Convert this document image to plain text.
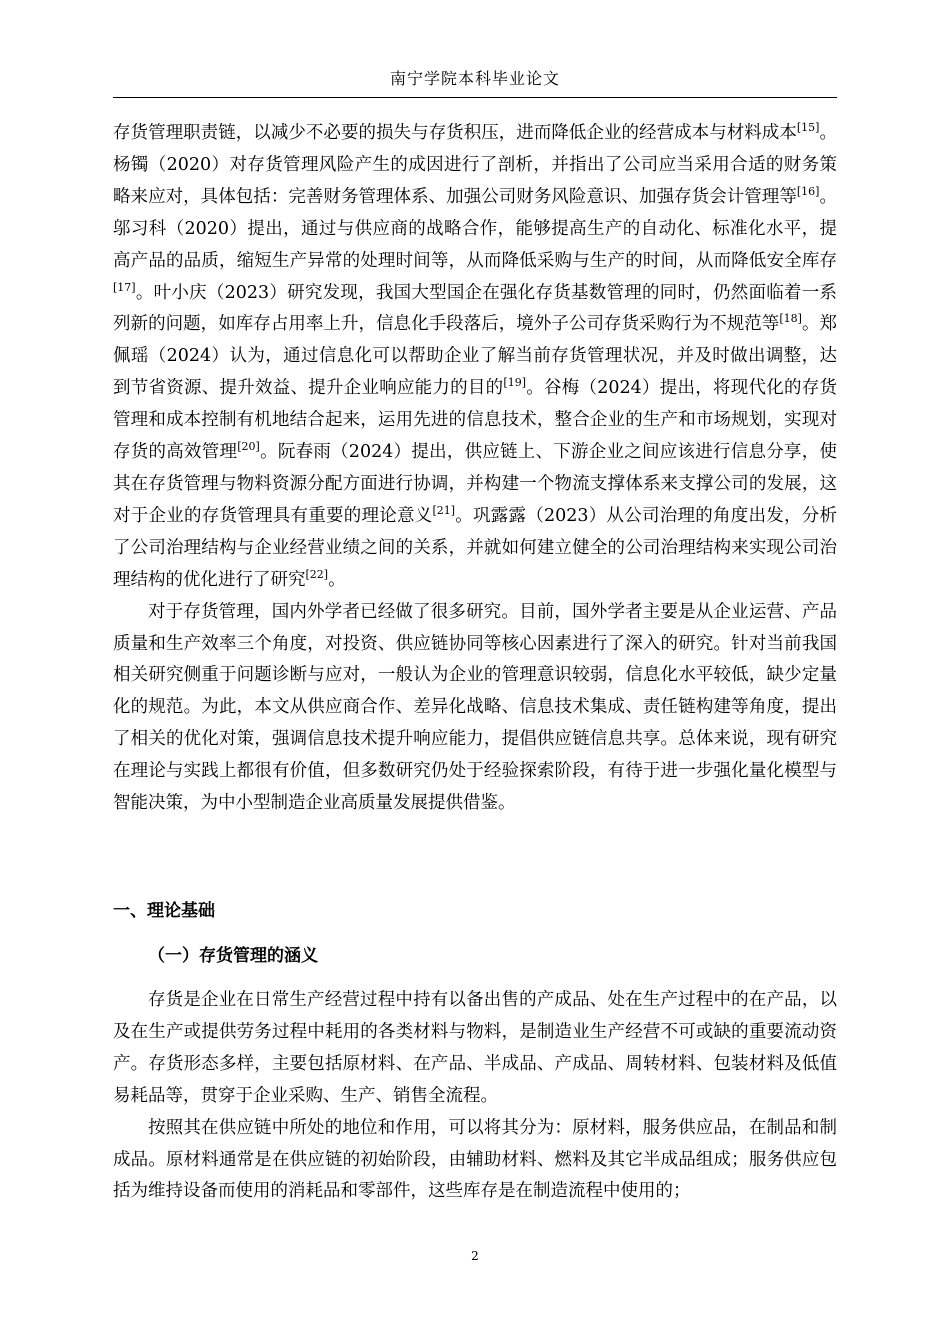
南宁学院本科毕业论文

存货管理职责链，以减少不必要的损失与存货积压，进而降低企业的经营成本与材料成本[15]。杨镯（2020）对存货管理风险产生的成因进行了剖析，并指出了公司应当采用合适的财务策略来应对，具体包括：完善财务管理体系、加强公司财务风险意识、加强存货会计管理等[16]。邬习科（2020）提出，通过与供应商的战略合作，能够提高生产的自动化、标准化水平，提高产品的品质，缩短生产异常的处理时间等，从而降低采购与生产的时间，从而降低安全库存[17]。叶小庆（2023）研究发现，我国大型国企在强化存货基数管理的同时，仍然面临着一系列新的问题，如库存占用率上升，信息化手段落后，境外子公司存货采购行为不规范等[18]。郑佩瑶（2024）认为，通过信息化可以帮助企业了解当前存货管理状况，并及时做出调整，达到节省资源、提升效益、提升企业响应能力的目的[19]。谷梅（2024）提出，将现代化的存货管理和成本控制有机地结合起来，运用先进的信息技术，整合企业的生产和市场规划，实现对存货的高效管理[20]。阮春雨（2024）提出，供应链上、下游企业之间应该进行信息分享，使其在存货管理与物料资源分配方面进行协调，并构建一个物流支撑体系来支撑公司的发展，这对于企业的存货管理具有重要的理论意义[21]。巩露露（2023）从公司治理的角度出发，分析了公司治理结构与企业经营业绩之间的关系，并就如何建立健全的公司治理结构来实现公司治理结构的优化进行了研究[22]。

对于存货管理，国内外学者已经做了很多研究。目前，国外学者主要是从企业运营、产品质量和生产效率三个角度，对投资、供应链协同等核心因素进行了深入的研究。针对当前我国相关研究侧重于问题诊断与应对，一般认为企业的管理意识较弱，信息化水平较低，缺少定量化的规范。为此，本文从供应商合作、差异化战略、信息技术集成、责任链构建等角度，提出了相关的优化对策，强调信息技术提升响应能力，提倡供应链信息共享。总体来说，现有研究在理论与实践上都很有价值，但多数研究仍处于经验探索阶段，有待于进一步强化量化模型与智能决策，为中小型制造企业高质量发展提供借鉴。

一、理论基础
（一）存货管理的涵义

存货是企业在日常生产经营过程中持有以备出售的产成品、处在生产过程中的在产品，以及在生产或提供劳务过程中耗用的各类材料与物料，是制造业生产经营不可或缺的重要流动资产。存货形态多样，主要包括原材料、在产品、半成品、产成品、周转材料、包装材料及低值易耗品等，贯穿于企业采购、生产、销售全流程。

按照其在供应链中所处的地位和作用，可以将其分为：原材料，服务供应品，在制品和制成品。原材料通常是在供应链的初始阶段，由辅助材料、燃料及其它半成品组成；服务供应包括为维持设备而使用的消耗品和零部件，这些库存是在制造流程中使用的；

2
